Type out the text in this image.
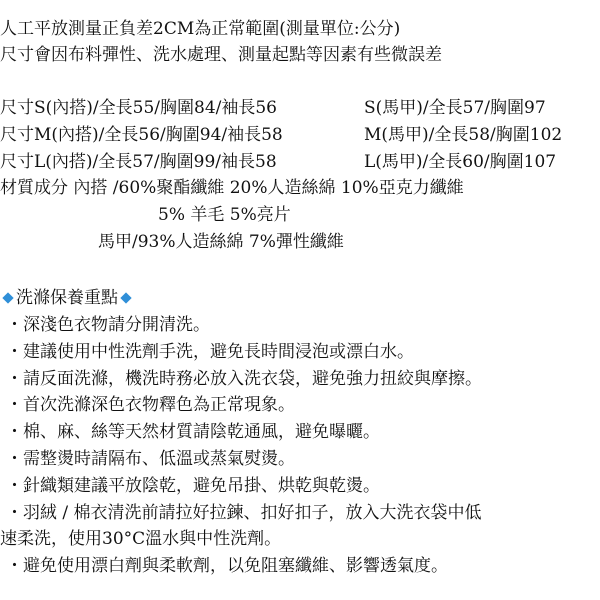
人工平放測量正負差2CM為正常範圍(測量單位:公分)
尺寸會因布料彈性、洗水處理、測量起點等因素有些微誤差
尺寸S(內搭)/全長55/胸圍84/袖長56	S(馬甲)/全長57/胸圍97
尺寸M(內搭)/全長56/胸圍94/袖長58	M(馬甲)/全長58/胸圍102
尺寸L(內搭)/全長57/胸圍99/袖長58	L(馬甲)/全長60/胸圍107
材質成分 內搭 /60%聚酯纖維 20%人造絲綿 10%亞克力纖維
5% 羊毛 5%亮片
馬甲/93%人造絲綿 7%彈性纖維
洗滌保養重點
・深淺色衣物請分開清洗。
・建議使用中性洗劑手洗，避免長時間浸泡或漂白水。
・請反面洗滌，機洗時務必放入洗衣袋，避免強力扭絞與摩擦。
・首次洗滌深色衣物釋色為正常現象。
・棉、麻、絲等天然材質請陰乾通風，避免曝曬。
・需整燙時請隔布、低溫或蒸氣熨燙。
・針織類建議平放陰乾，避免吊掛、烘乾與乾燙。
・羽絨 / 棉衣清洗前請拉好拉鍊、扣好扣子，放入大洗衣袋中低
速柔洗，使用30°C溫水與中性洗劑。
・避免使用漂白劑與柔軟劑，以免阻塞纖維、影響透氣度。
